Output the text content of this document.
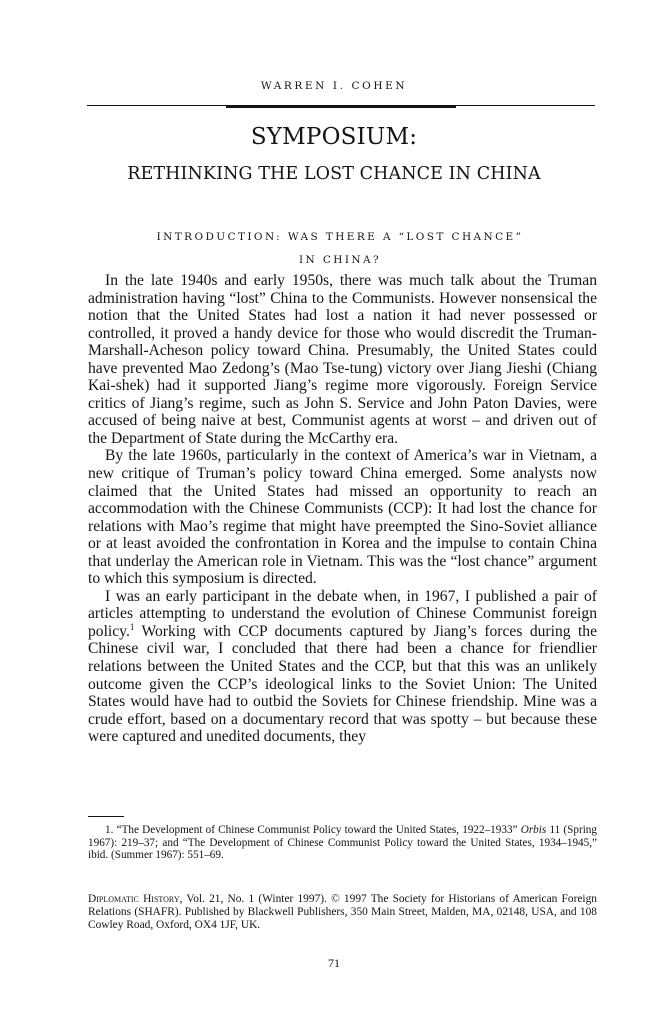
WARREN I. COHEN
SYMPOSIUM:
RETHINKING THE LOST CHANCE IN CHINA
INTRODUCTION: WAS THERE A “LOST CHANCE”
IN CHINA?

In the late 1940s and early 1950s, there was much talk about the Truman administration having “lost” China to the Communists. However nonsensical the notion that the United States had lost a nation it had never possessed or controlled, it proved a handy device for those who would discredit the Truman-Marshall-Acheson policy toward China. Presumably, the United States could have prevented Mao Zedong’s (Mao Tse-tung) victory over Jiang Jieshi (Chiang Kai-shek) had it supported Jiang’s regime more vigorously. Foreign Service critics of Jiang’s regime, such as John S. Service and John Paton Davies, were accused of being naive at best, Communist agents at worst – and driven out of the Department of State during the McCarthy era.

By the late 1960s, particularly in the context of America’s war in Vietnam, a new critique of Truman’s policy toward China emerged. Some analysts now claimed that the United States had missed an opportunity to reach an accommodation with the Chinese Communists (CCP): It had lost the chance for relations with Mao’s regime that might have preempted the Sino-Soviet alliance or at least avoided the confrontation in Korea and the impulse to contain China that underlay the American role in Vietnam. This was the “lost chance” argument to which this symposium is directed.

I was an early participant in the debate when, in 1967, I published a pair of articles attempting to understand the evolution of Chinese Communist foreign policy.$^1$ Working with CCP documents captured by Jiang’s forces during the Chinese civil war, I concluded that there had been a chance for friendlier relations between the United States and the CCP, but that this was an unlikely outcome given the CCP’s ideological links to the Soviet Union: The United States would have had to outbid the Soviets for Chinese friendship. Mine was a crude effort, based on a documentary record that was spotty – but because these were captured and unedited documents, they

1. “The Development of Chinese Communist Policy toward the United States, 1922–1933” Orbis 11 (Spring 1967): 219–37; and “The Development of Chinese Communist Policy toward the United States, 1934–1945,” ibid. (Summer 1967): 551–69.

Diplomatic History, Vol. 21, No. 1 (Winter 1997). © 1997 The Society for Historians of American Foreign Relations (SHAFR). Published by Blackwell Publishers, 350 Main Street, Malden, MA, 02148, USA, and 108 Cowley Road, Oxford, OX4 1JF, UK.

71
